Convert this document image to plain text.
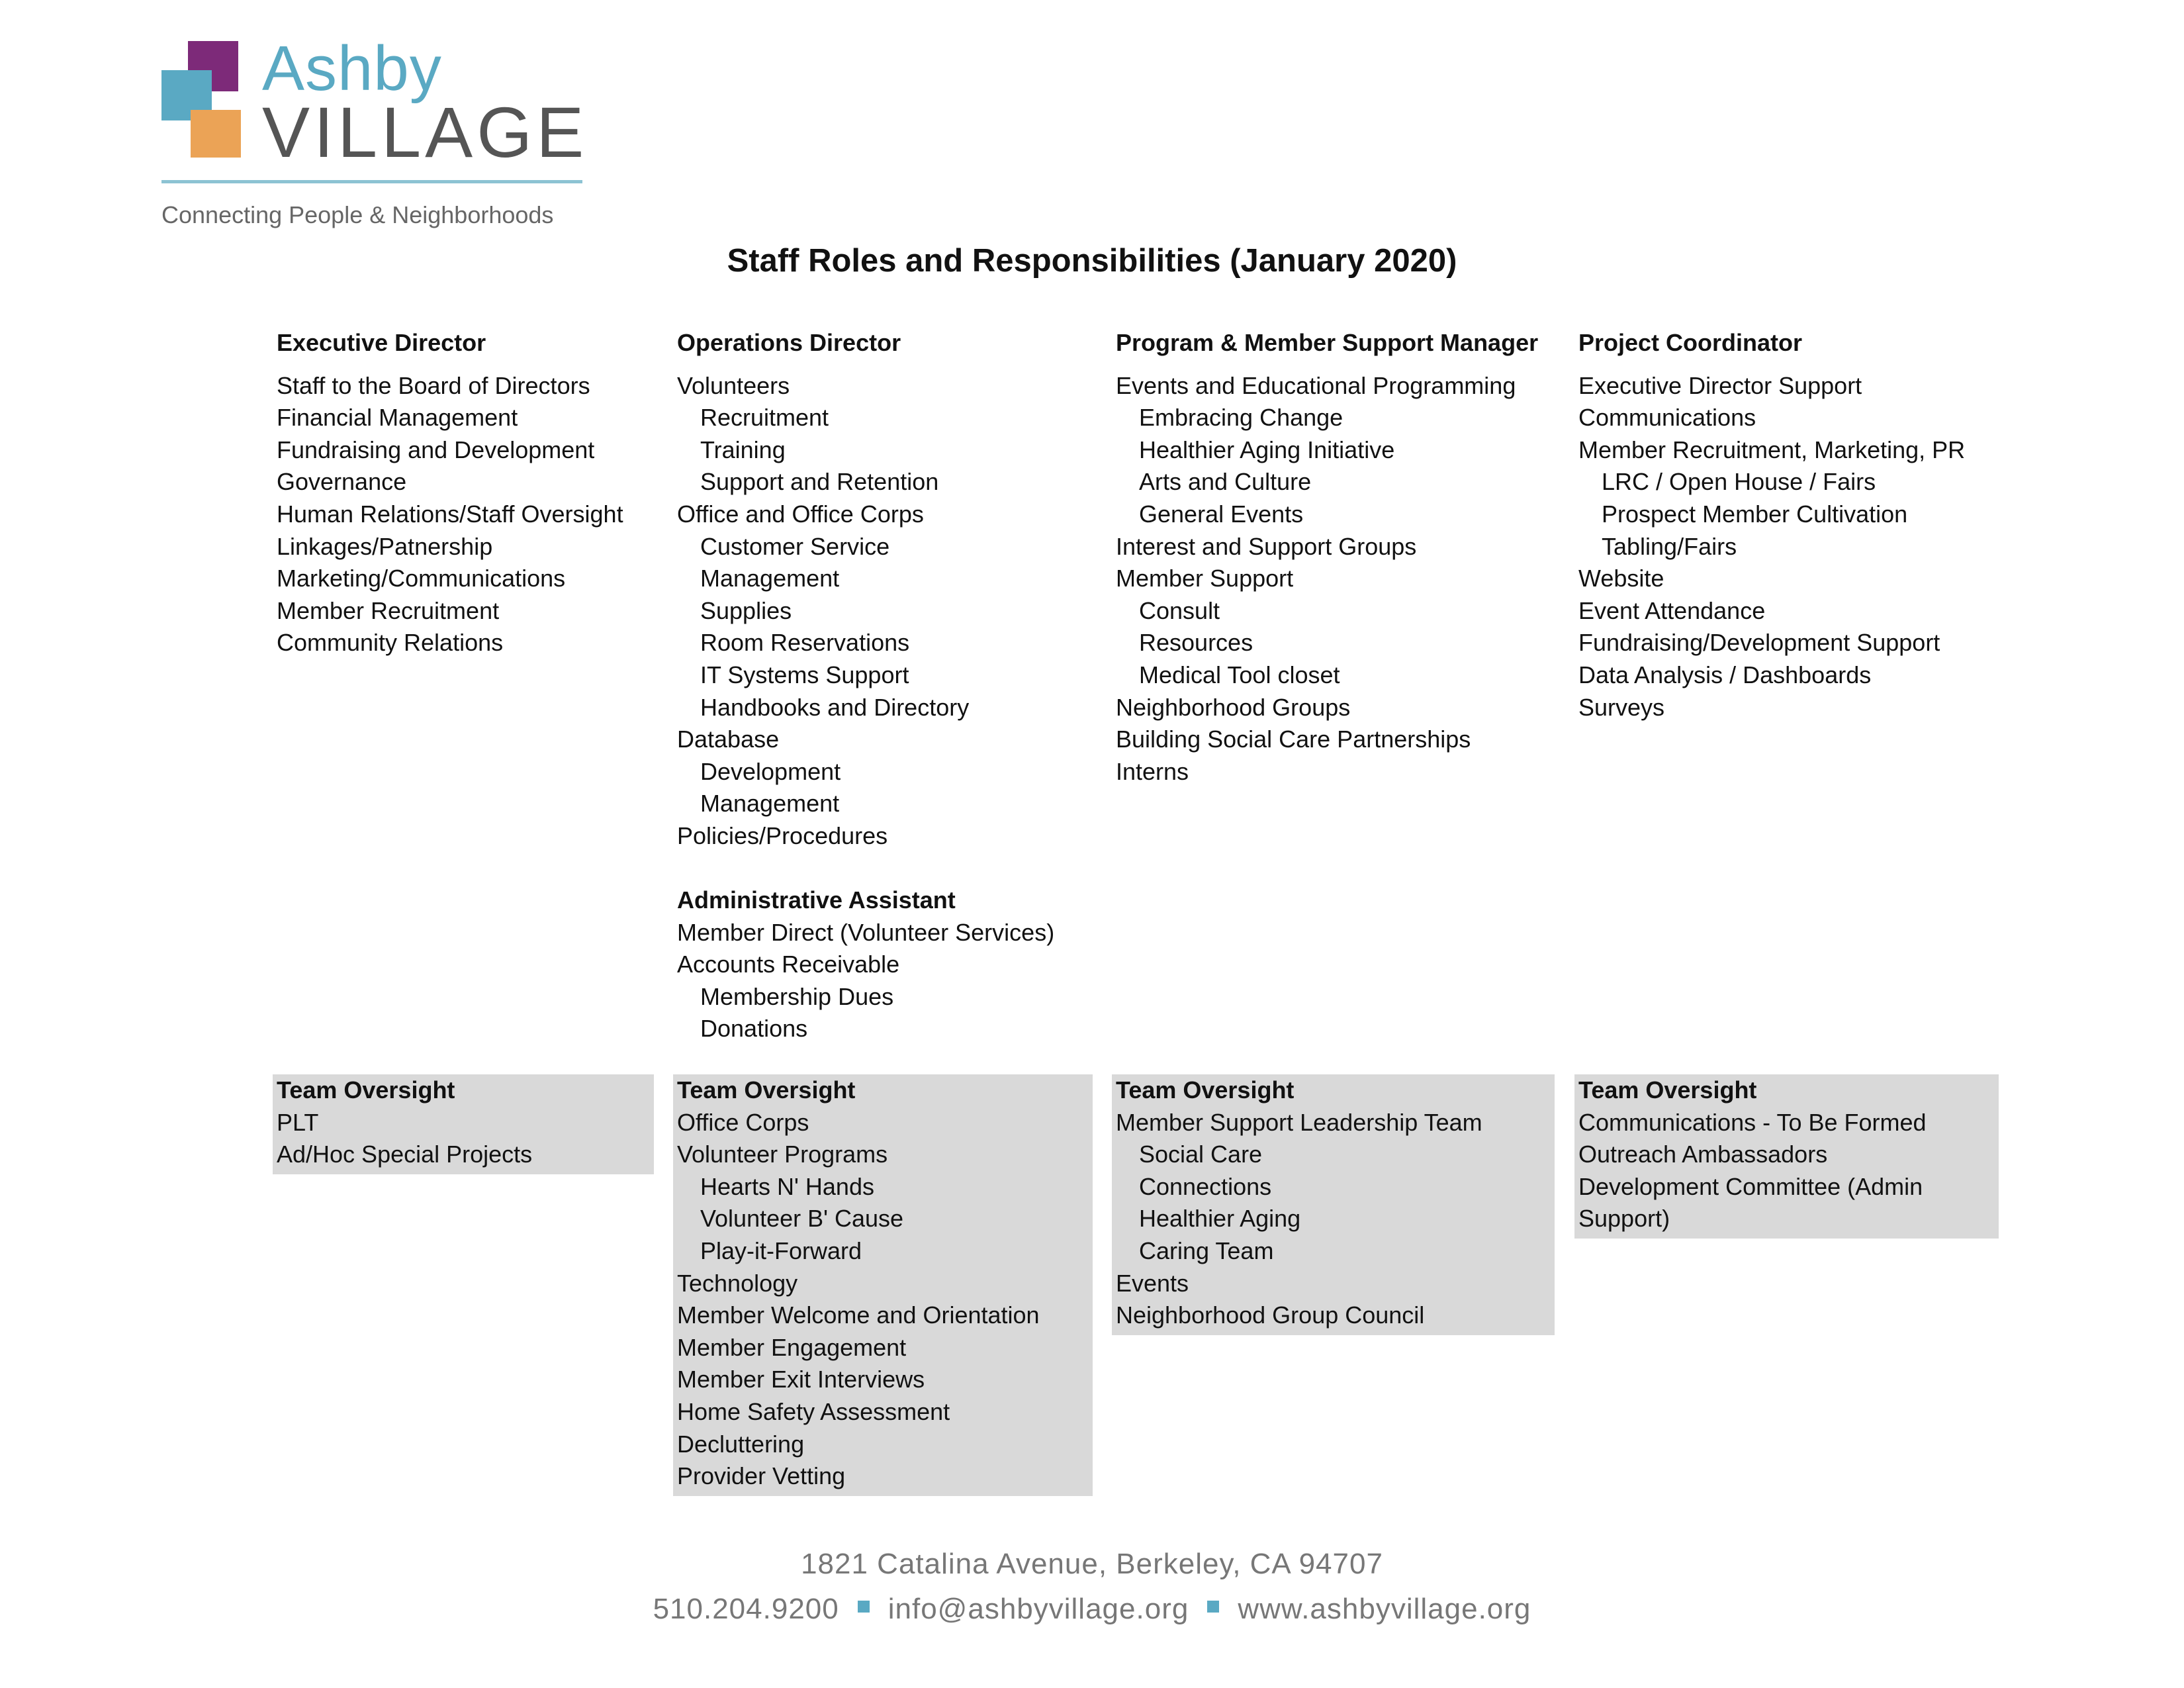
Ashby
VILLAGE
Connecting People & Neighborhoods
Staff Roles and Responsibilities (January 2020)
Executive Director
Staff to the Board of Directors
Financial Management
Fundraising and Development
Governance
Human Relations/Staff Oversight
Linkages/Patnership
Marketing/Communications
Member Recruitment
Community Relations
Operations Director
Volunteers
Recruitment
Training
Support and Retention
Office and Office Corps
Customer Service
Management
Supplies
Room Reservations
IT Systems Support
Handbooks and Directory
Database
Development
Management
Policies/Procedures
Administrative Assistant
Member Direct (Volunteer Services)
Accounts Receivable
Membership Dues
Donations
Program & Member Support Manager
Events and Educational Programming
Embracing Change
Healthier Aging Initiative
Arts and Culture
General Events
Interest and Support Groups
Member Support
Consult
Resources
Medical Tool closet
Neighborhood Groups
Building Social Care Partnerships
Interns
Project Coordinator
Executive Director Support
Communications
Member Recruitment, Marketing, PR
LRC / Open House / Fairs
Prospect Member Cultivation
Tabling/Fairs
Website
Event Attendance
Fundraising/Development Support
Data Analysis / Dashboards
Surveys
Team Oversight
PLT
Ad/Hoc Special Projects
Team Oversight
Office Corps
Volunteer Programs
Hearts N' Hands
Volunteer B' Cause
Play-it-Forward
Technology
Member Welcome and Orientation
Member Engagement
Member Exit Interviews
Home Safety Assessment
Decluttering
Provider Vetting
Team Oversight
Member Support Leadership Team
Social Care
Connections
Healthier Aging
Caring Team
Events
Neighborhood Group Council
Team Oversight
Communications - To Be Formed
Outreach Ambassadors
Development Committee (Admin
Support)
1821 Catalina Avenue, Berkeley, CA 94707
510.204.9200 info@ashbyvillage.org www.ashbyvillage.org
